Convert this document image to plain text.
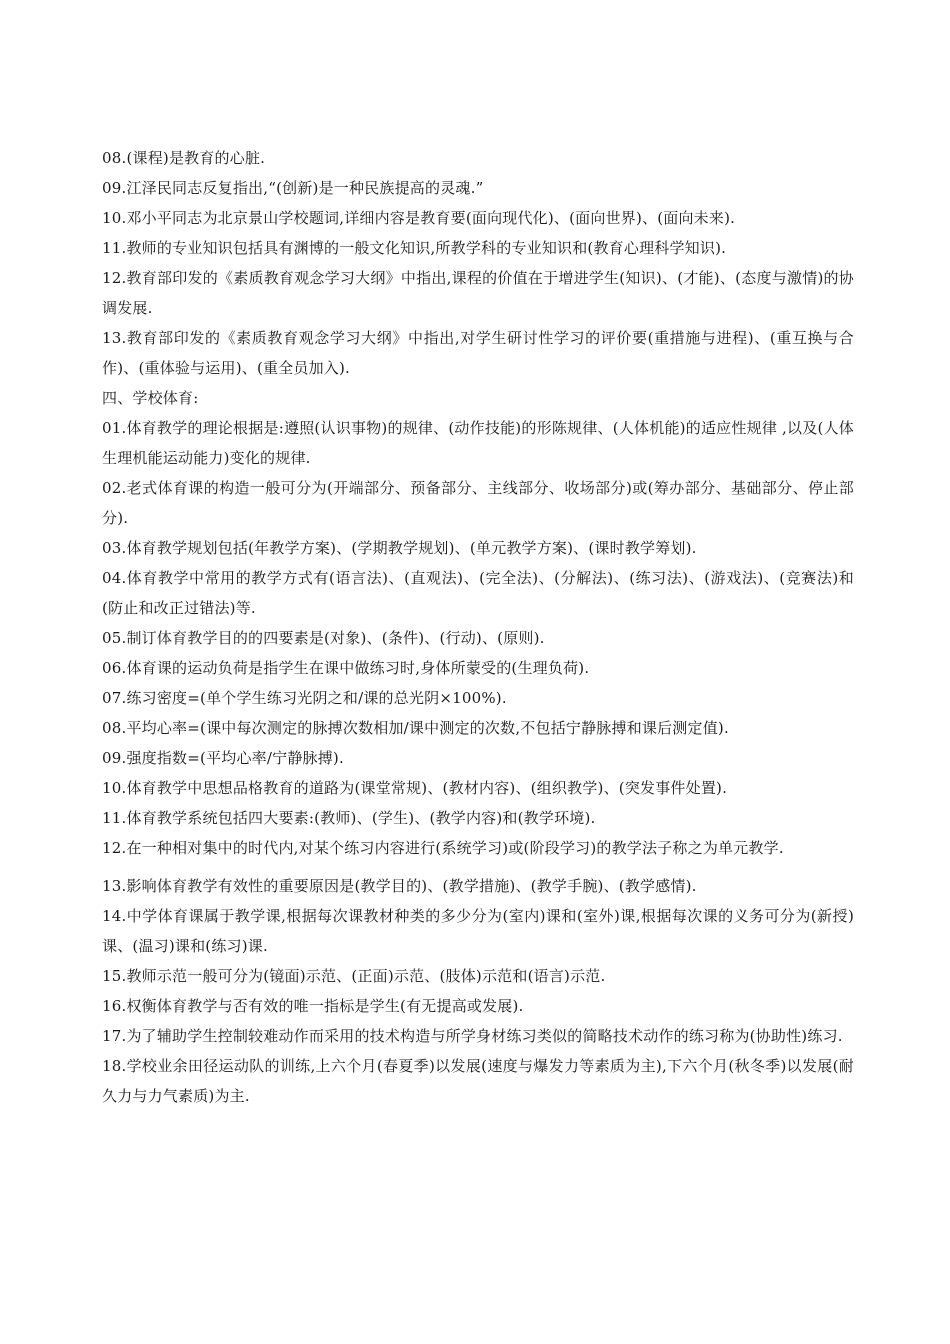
08.(课程)是教育的心脏.

09.江泽民同志反复指出,“(创新)是一种民族提高的灵魂.”

10.邓小平同志为北京景山学校题词,详细内容是教育要(面向现代化)、(面向世界)、(面向未来).

11.教师的专业知识包括具有渊博的一般文化知识,所教学科的专业知识和(教育心理科学知识).

12.教育部印发的《素质教育观念学习大纲》中指出,课程的价值在于增进学生(知识)、(才能)、(态度与激情)的协调发展.

13.教育部印发的《素质教育观念学习大纲》中指出,对学生研讨性学习的评价要(重措施与进程)、(重互换与合作)、(重体验与运用)、(重全员加入).

四、学校体育:

01.体育教学的理论根据是:遵照(认识事物)的规律、(动作技能)的形陈规律、(人体机能)的适应性规律 ,以及(人体生理机能运动能力)变化的规律.

02.老式体育课的构造一般可分为(开端部分、预备部分、主线部分、收场部分)或(筹办部分、基础部分、停止部分).

03.体育教学规划包括(年教学方案)、(学期教学规划)、(单元教学方案)、(课时教学筹划).

04.体育教学中常用的教学方式有(语言法)、(直观法)、(完全法)、(分解法)、(练习法)、(游戏法)、(竞赛法)和(防止和改正过错法)等.

05.制订体育教学目的的四要素是(对象)、(条件)、(行动)、(原则).

06.体育课的运动负荷是指学生在课中做练习时,身体所蒙受的(生理负荷).

07.练习密度=(单个学生练习光阴之和/课的总光阴×100%).

08.平均心率=(课中每次测定的脉搏次数相加/课中测定的次数,不包括宁静脉搏和课后测定值).

09.强度指数=(平均心率/宁静脉搏).

10.体育教学中思想品格教育的道路为(课堂常规)、(教材内容)、(组织教学)、(突发事件处置).

11.体育教学系统包括四大要素:(教师)、(学生)、(教学内容)和(教学环境).

12.在一种相对集中的时代内,对某个练习内容进行(系统学习)或(阶段学习)的教学法子称之为单元教学.

13.影响体育教学有效性的重要原因是(教学目的)、(教学措施)、(教学手腕)、(教学感情).

14.中学体育课属于教学课,根据每次课教材种类的多少分为(室内)课和(室外)课,根据每次课的义务可分为(新授)课、(温习)课和(练习)课.

15.教师示范一般可分为(镜面)示范、(正面)示范、(肢体)示范和(语言)示范.

16.权衡体育教学与否有效的唯一指标是学生(有无提高或发展).

17.为了辅助学生控制较难动作而采用的技术构造与所学身材练习类似的简略技术动作的练习称为(协助性)练习.

18.学校业余田径运动队的训练,上六个月(春夏季)以发展(速度与爆发力等素质为主),下六个月(秋冬季)以发展(耐久力与力气素质)为主.
